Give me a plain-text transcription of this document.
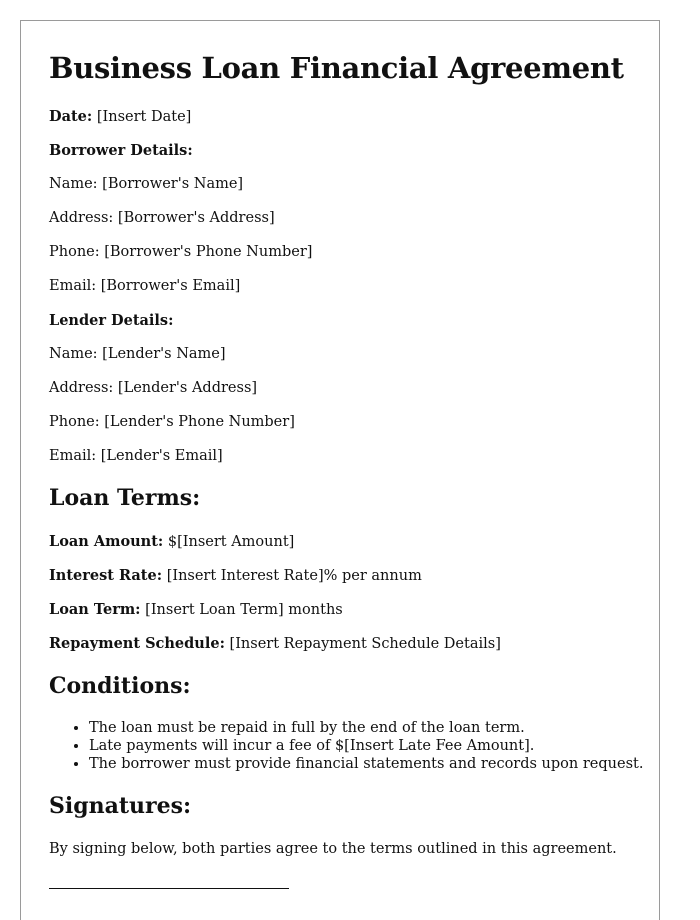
Business Loan Financial Agreement

Date: [Insert Date]

Borrower Details:

Name: [Borrower's Name]

Address: [Borrower's Address]

Phone: [Borrower's Phone Number]

Email: [Borrower's Email]

Lender Details:

Name: [Lender's Name]

Address: [Lender's Address]

Phone: [Lender's Phone Number]

Email: [Lender's Email]

Loan Terms:

Loan Amount: $[Insert Amount]

Interest Rate: [Insert Interest Rate]% per annum

Loan Term: [Insert Loan Term] months

Repayment Schedule: [Insert Repayment Schedule Details]

Conditions:
• The loan must be repaid in full by the end of the loan term.
• Late payments will incur a fee of $[Insert Late Fee Amount].
• The borrower must provide financial statements and records upon request.
Signatures:

By signing below, both parties agree to the terms outlined in this agreement.
